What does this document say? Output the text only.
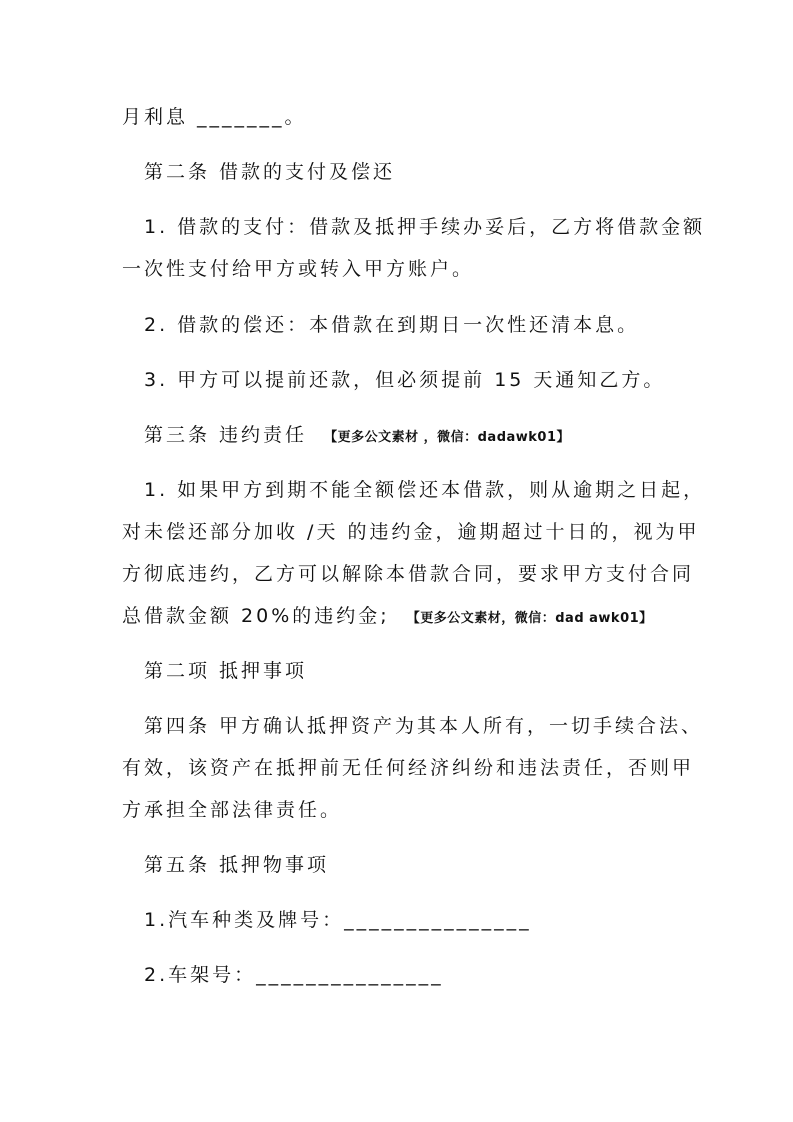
月利息 _______。
第二条 借款的支付及偿还
1. 借款的支付：借款及抵押手续办妥后，乙方将借款金额
一次性支付给甲方或转入甲方账户。
2. 借款的偿还：本借款在到期日一次性还清本息。
3. 甲方可以提前还款，但必须提前 15 天通知乙方。
第三条 违约责任 【更多公文素材 ，微信：dadawk01】
1. 如果甲方到期不能全额偿还本借款，则从逾期之日起，
对未偿还部分加收 /天 的违约金，逾期超过十日的，视为甲
方彻底违约，乙方可以解除本借款合同，要求甲方支付合同
总借款金额 20%的违约金; 【更多公文素材，微信：dad awk01】
第二项 抵押事项
第四条 甲方确认抵押资产为其本人所有，一切手续合法、
有效，该资产在抵押前无任何经济纠纷和违法责任，否则甲
方承担全部法律责任。
第五条 抵押物事项
1.汽车种类及牌号：_______________
2.车架号：_______________
